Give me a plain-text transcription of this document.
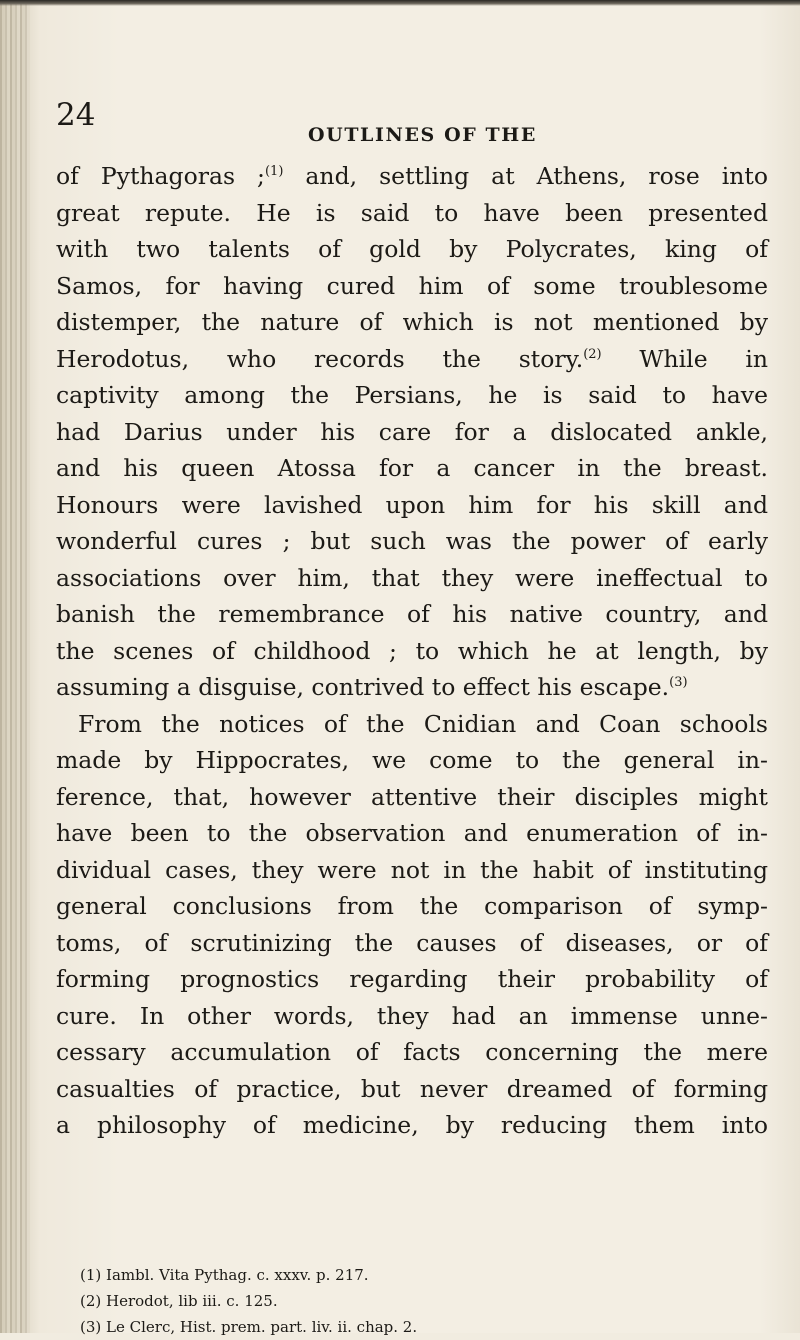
24
OUTLINES OF THE
of Pythagoras ;$^{(1)}$ and, settling at Athens, rose into
great repute. He is said to have been presented
with two talents of gold by Polycrates, king of
Samos, for having cured him of some troublesome
distemper, the nature of which is not mentioned by
Herodotus, who records the story.$^{(2)}$ While in
captivity among the Persians, he is said to have
had Darius under his care for a dislocated ankle,
and his queen Atossa for a cancer in the breast.
Honours were lavished upon him for his skill and
wonderful cures ; but such was the power of early
associations over him, that they were ineffectual to
banish the remembrance of his native country, and
the scenes of childhood ; to which he at length, by
assuming a disguise, contrived to effect his escape.$^{(3)}$
From the notices of the Cnidian and Coan schools
made by Hippocrates, we come to the general in-
ference, that, however attentive their disciples might
have been to the observation and enumeration of in-
dividual cases, they were not in the habit of instituting
general conclusions from the comparison of symp-
toms, of scrutinizing the causes of diseases, or of
forming prognostics regarding their probability of
cure. In other words, they had an immense unne-
cessary accumulation of facts concerning the mere
casualties of practice, but never dreamed of forming
a philosophy of medicine, by reducing them into
(1) Iambl. Vita Pythag. c. xxxv. p. 217.
(2) Herodot, lib iii. c. 125.
(3) Le Clerc, Hist. prem. part. liv. ii. chap. 2.
